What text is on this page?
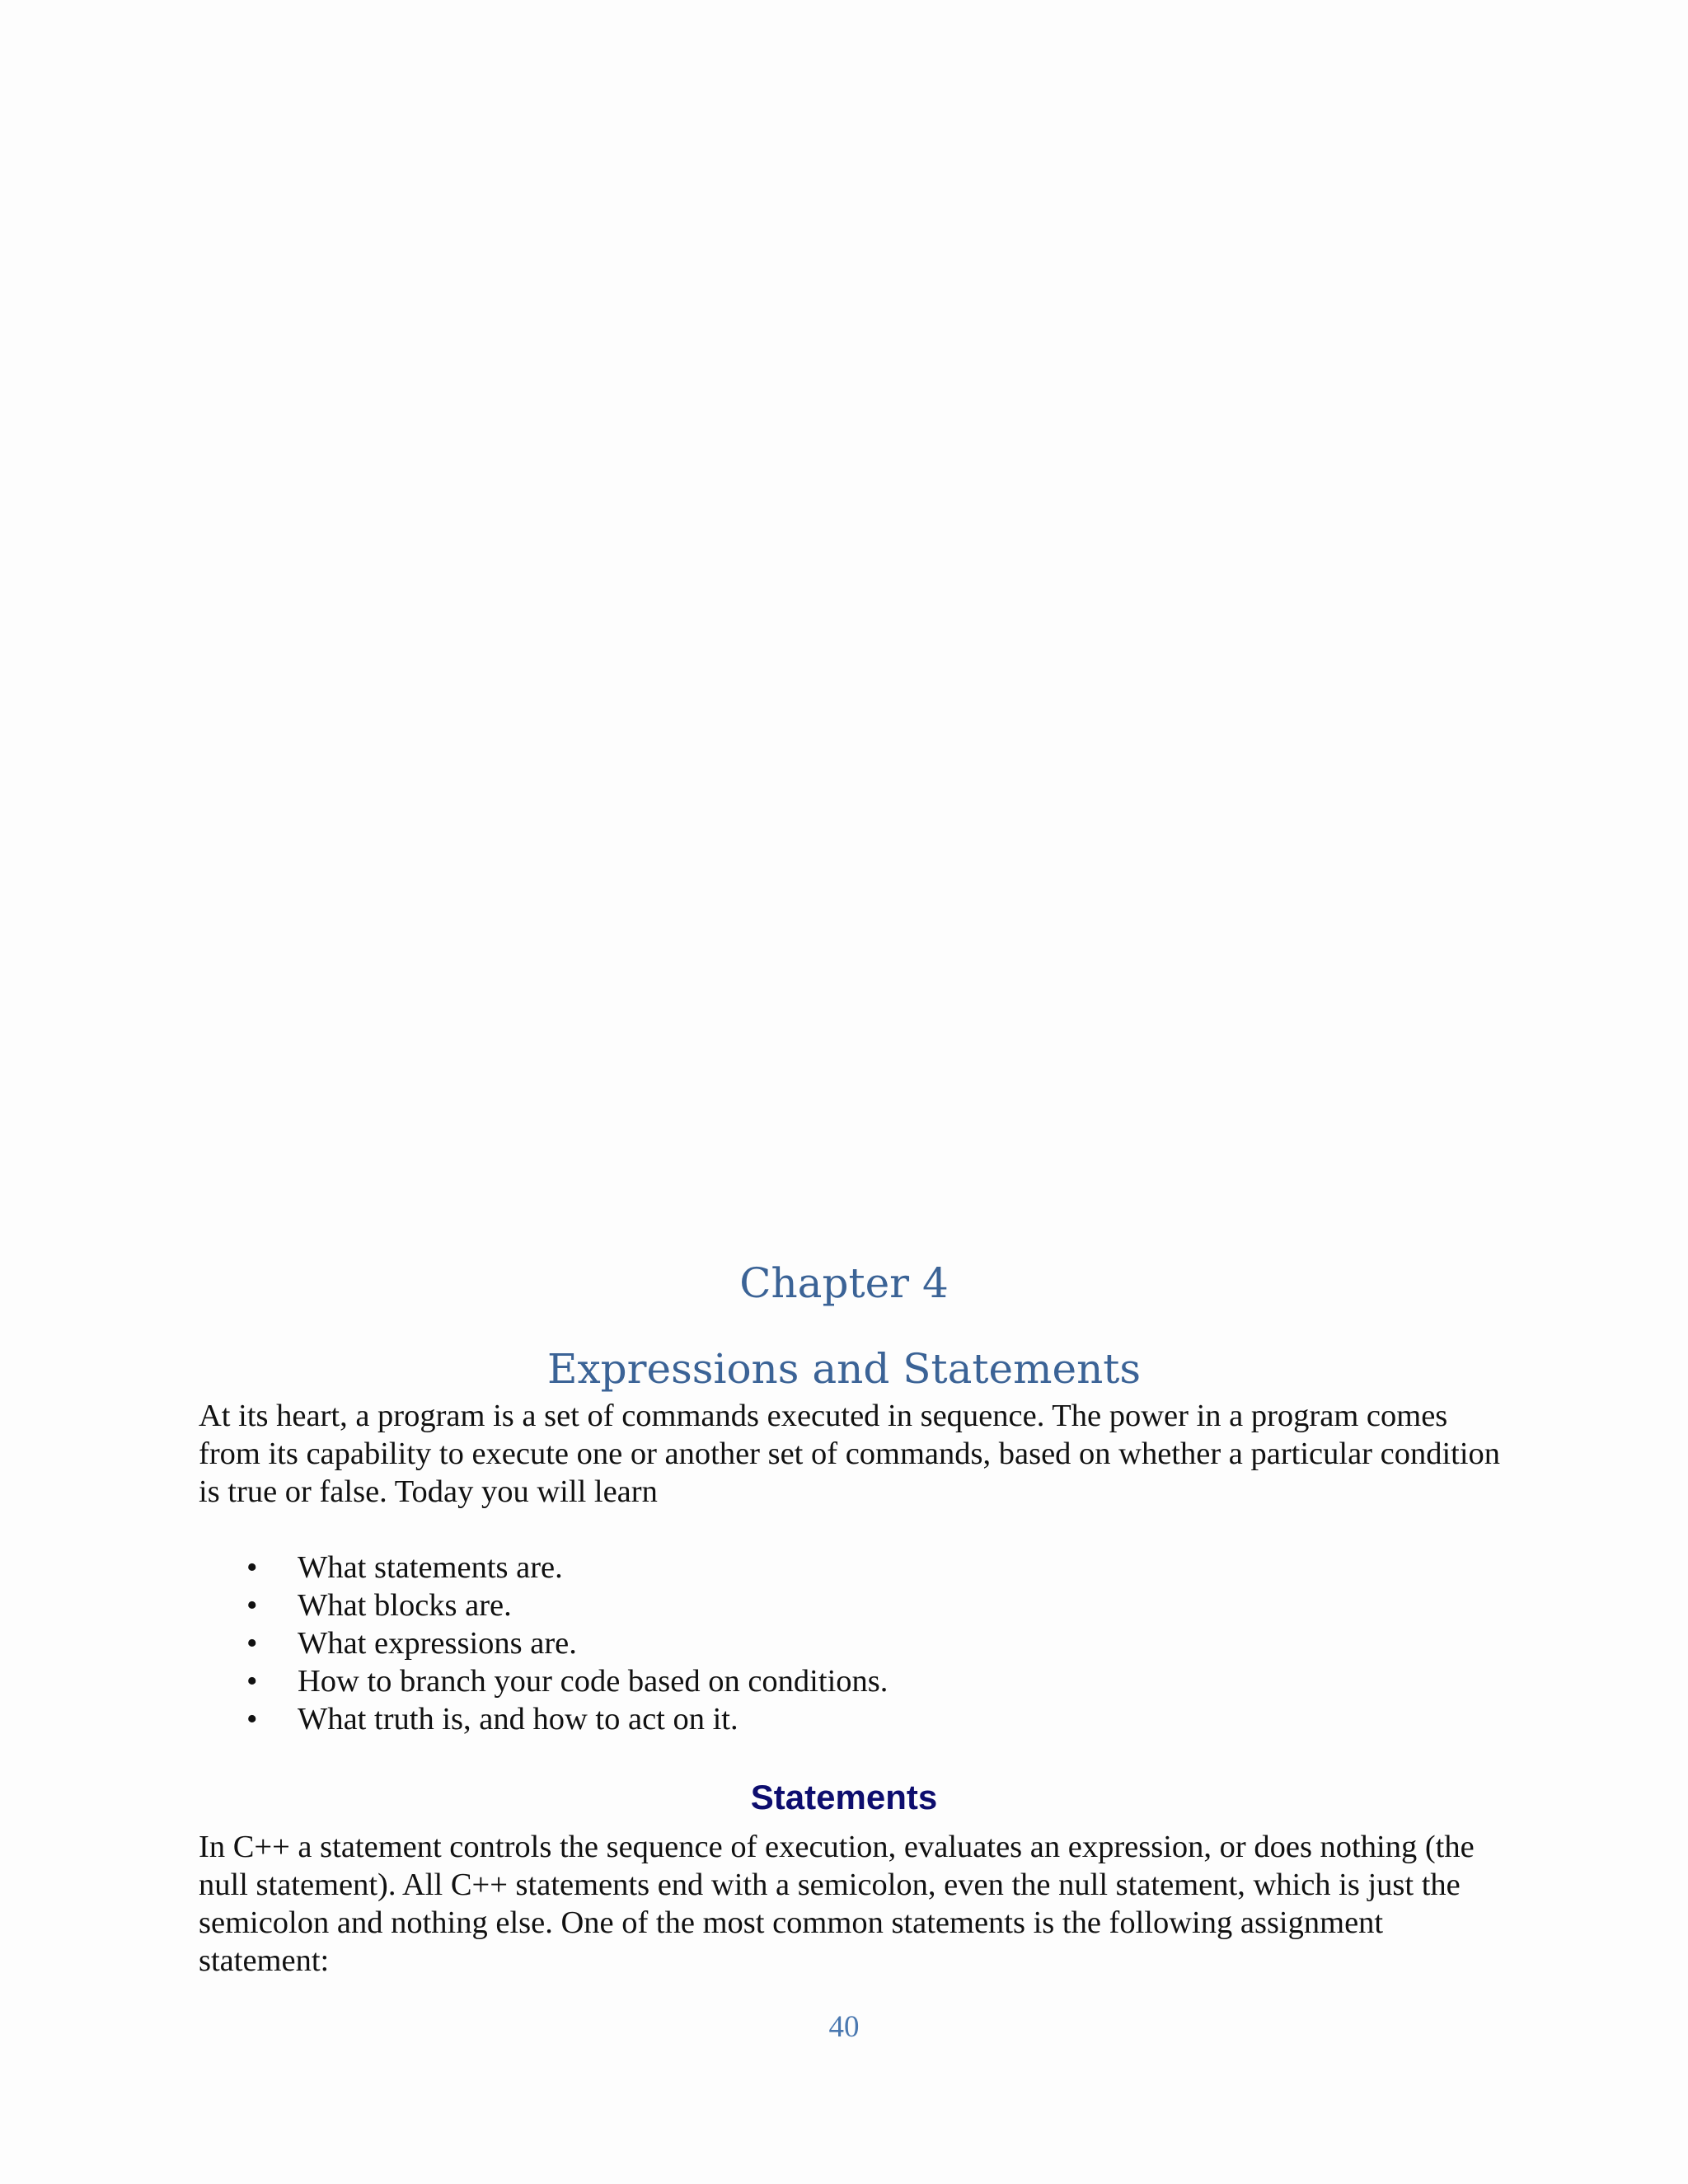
Chapter 4
Expressions and Statements

At its heart, a program is a set of commands executed in sequence. The power in a program comes from its capability to execute one or another set of commands, based on whether a particular condition is true or false. Today you will learn

• What statements are.
• What blocks are.
• What expressions are.
• How to branch your code based on conditions.
• What truth is, and how to act on it.
Statements

In C++ a statement controls the sequence of execution, evaluates an expression, or does nothing (the null statement). All C++ statements end with a semicolon, even the null statement, which is just the semicolon and nothing else. One of the most common statements is the following assignment statement:

40
